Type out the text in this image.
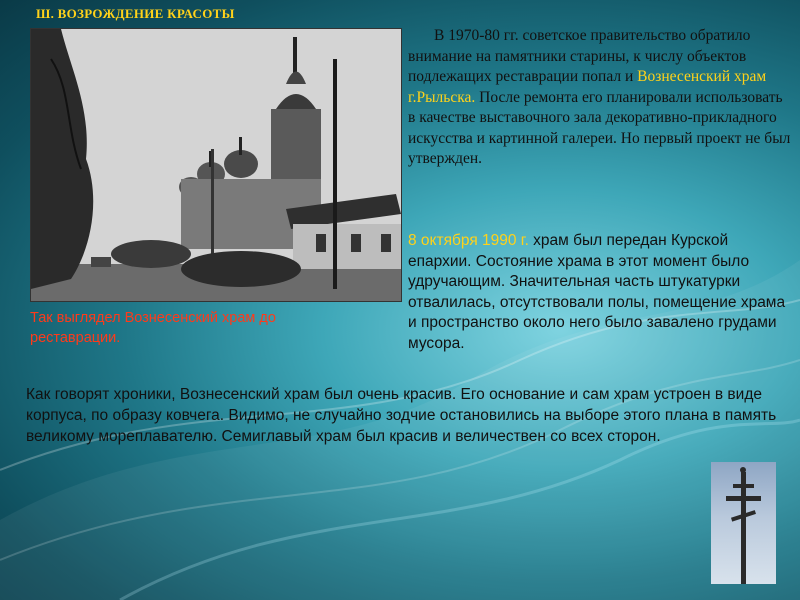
Ш. ВОЗРОЖДЕНИЕ КРАСОТЫ
Так выглядел Вознесенский храм до реставрации.
В 1970-80 гг. советское правительство обратило внимание на памятники старины, к числу объектов подлежащих реставрации попал и Вознесенский храм г.Рыльска. После ремонта его планировали использовать в качестве выставочного зала декоративно-прикладного искусства и картинной галереи. Но первый проект не был утвержден.
8 октября 1990 г. храм был передан Курской епархии. Состояние храма в этот момент было удручающим. Значительная часть штукатурки отвалилась, отсутствовали полы, помещение храма и пространство около него было завалено грудами мусора.
Как говорят хроники, Вознесенский храм был очень красив. Его основание и сам храм устроен в виде корпуса, по образу ковчега. Видимо, не случайно зодчие остановились на выборе этого плана в память великому мореплавателю. Семиглавый храм был красив и величествен со всех сторон.
